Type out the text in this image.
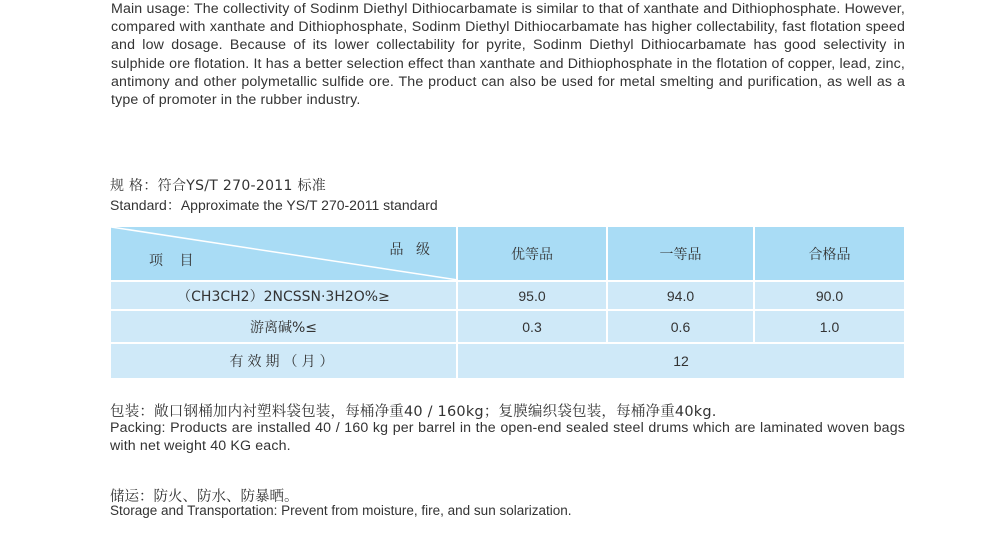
Main usage: The collectivity of Sodinm Diethyl Dithiocarbamate is similar to that of xanthate and Dithiophosphate. However, compared with xanthate and Dithiophosphate, Sodinm Diethyl Dithiocarbamate has higher collectability, fast flotation speed and low dosage. Because of its lower collectability for pyrite, Sodinm Diethyl Dithiocarbamate has good selectivity in sulphide ore flotation. It has a better selection effect than xanthate and Dithiophosphate in the flotation of copper, lead, zinc, antimony and other polymetallic sulfide ore. The product can also be used for metal smelting and purification, as well as a type of promoter in the rubber industry.
规 格：符合YS/T 270-2011 标准
Standard：Approximate the YS/T 270-2011 standard
品 级
项 目	优等品	一等品	合格品
（CH3CH2）2NCSSN·3H2O%≥	95.0	94.0	90.0
游离碱%≤	0.3	0.6	1.0
有效期（月）	12
包装：敞口钢桶加内衬塑料袋包装，每桶净重40 / 160kg；复膜编织袋包装，每桶净重40kg.
Packing: Products are installed 40 / 160 kg per barrel in the open-end sealed steel drums which are laminated woven bags with net weight 40 KG each.
储运：防火、防水、防暴晒。
Storage and Transportation: Prevent from moisture, fire, and sun solarization.
